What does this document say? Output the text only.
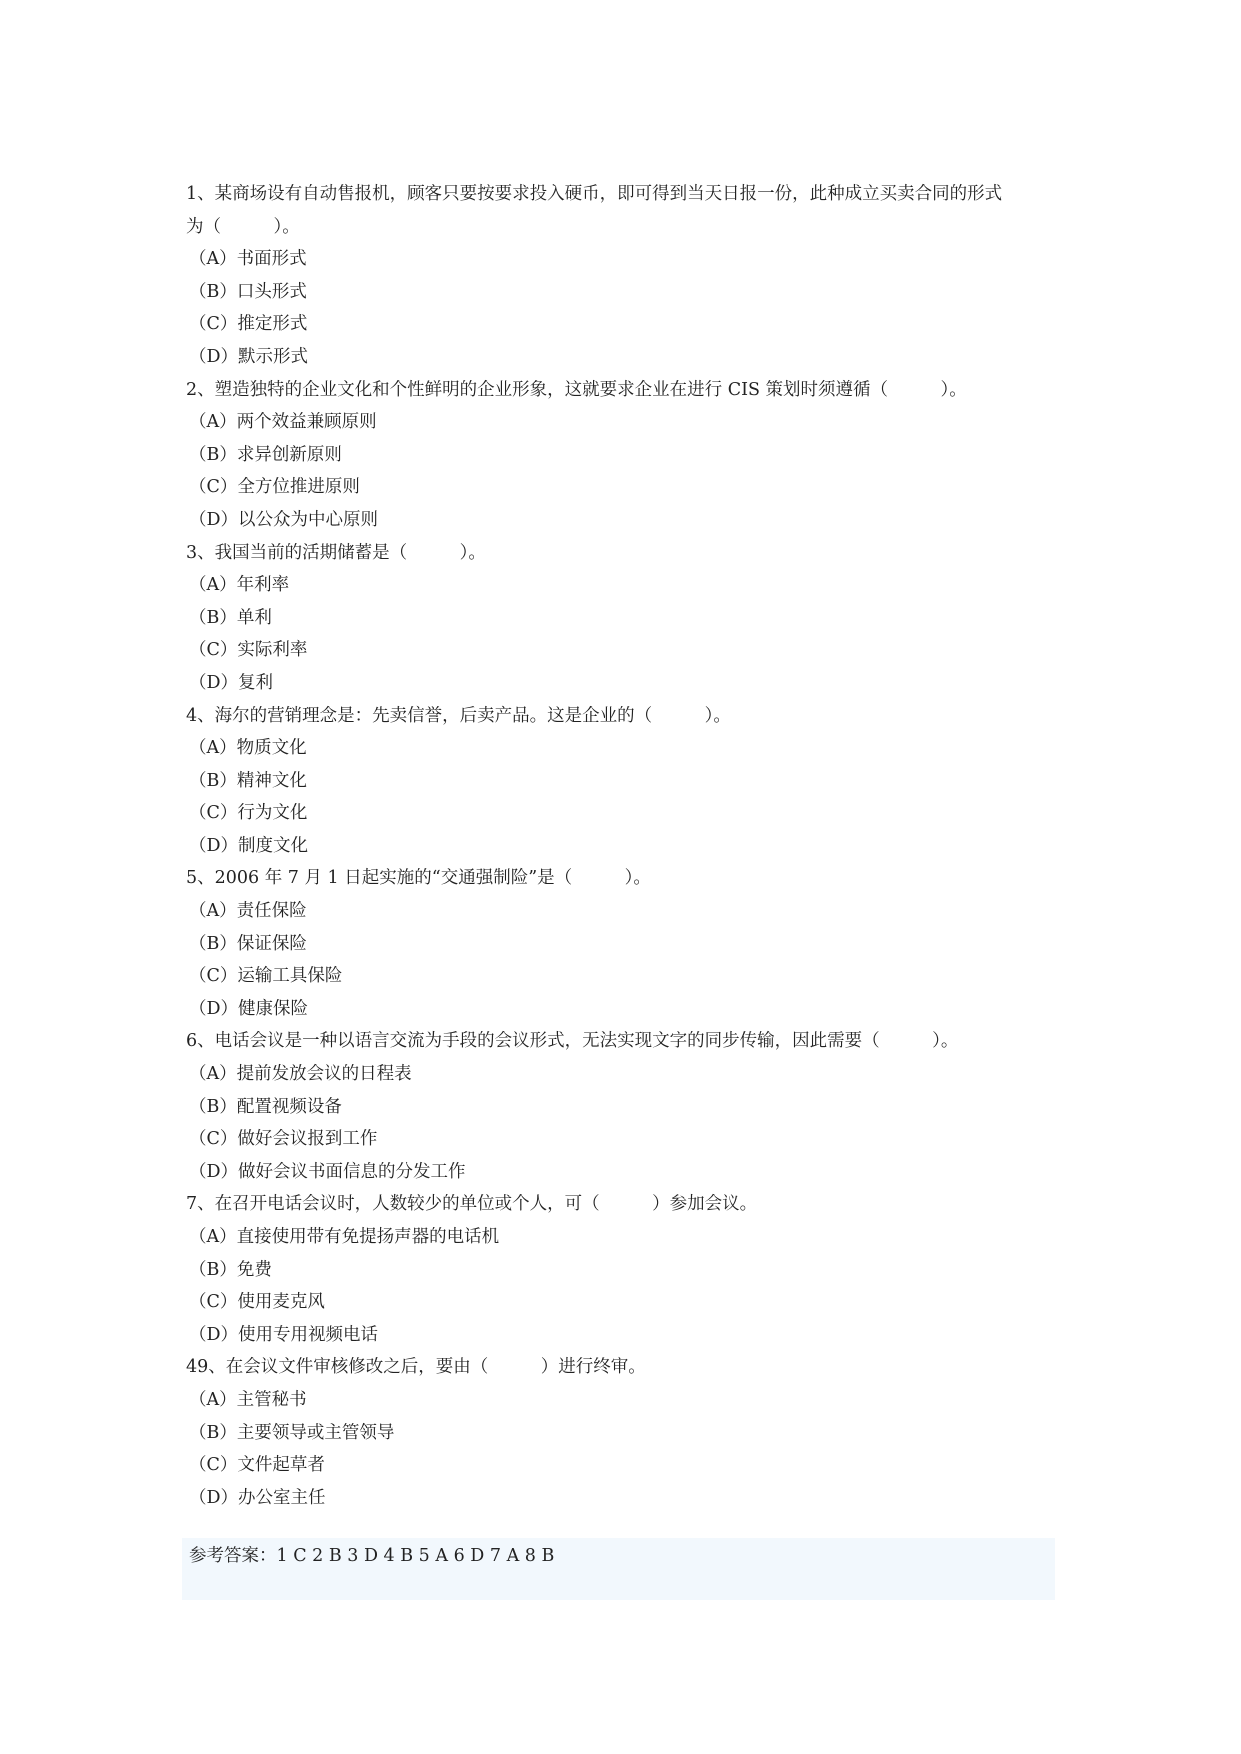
1、某商场设有自动售报机，顾客只要按要求投入硬币，即可得到当天日报一份，此种成立买卖合同的形式

为（　　　）。

（A）书面形式

（B）口头形式

（C）推定形式

（D）默示形式

2、塑造独特的企业文化和个性鲜明的企业形象，这就要求企业在进行 CIS 策划时须遵循（　　　）。

（A）两个效益兼顾原则

（B）求异创新原则

（C）全方位推进原则

（D）以公众为中心原则

3、我国当前的活期储蓄是（　　　）。

（A）年利率

（B）单利

（C）实际利率

（D）复利

4、海尔的营销理念是：先卖信誉，后卖产品。这是企业的（　　　）。

（A）物质文化

（B）精神文化

（C）行为文化

（D）制度文化

5、2006 年 7 月 1 日起实施的“交通强制险”是（　　　）。

（A）责任保险

（B）保证保险

（C）运输工具保险

（D）健康保险

6、电话会议是一种以语言交流为手段的会议形式，无法实现文字的同步传输，因此需要（　　　）。

（A）提前发放会议的日程表

（B）配置视频设备

（C）做好会议报到工作

（D）做好会议书面信息的分发工作

7、在召开电话会议时，人数较少的单位或个人，可（　　　）参加会议。

（A）直接使用带有免提扬声器的电话机

（B）免费

（C）使用麦克风

（D）使用专用视频电话

49、在会议文件审核修改之后，要由（　　　）进行终审。

（A）主管秘书

（B）主要领导或主管领导

（C）文件起草者

（D）办公室主任

参考答案：1 C 2 B 3 D 4 B 5 A 6 D 7 A 8 B
